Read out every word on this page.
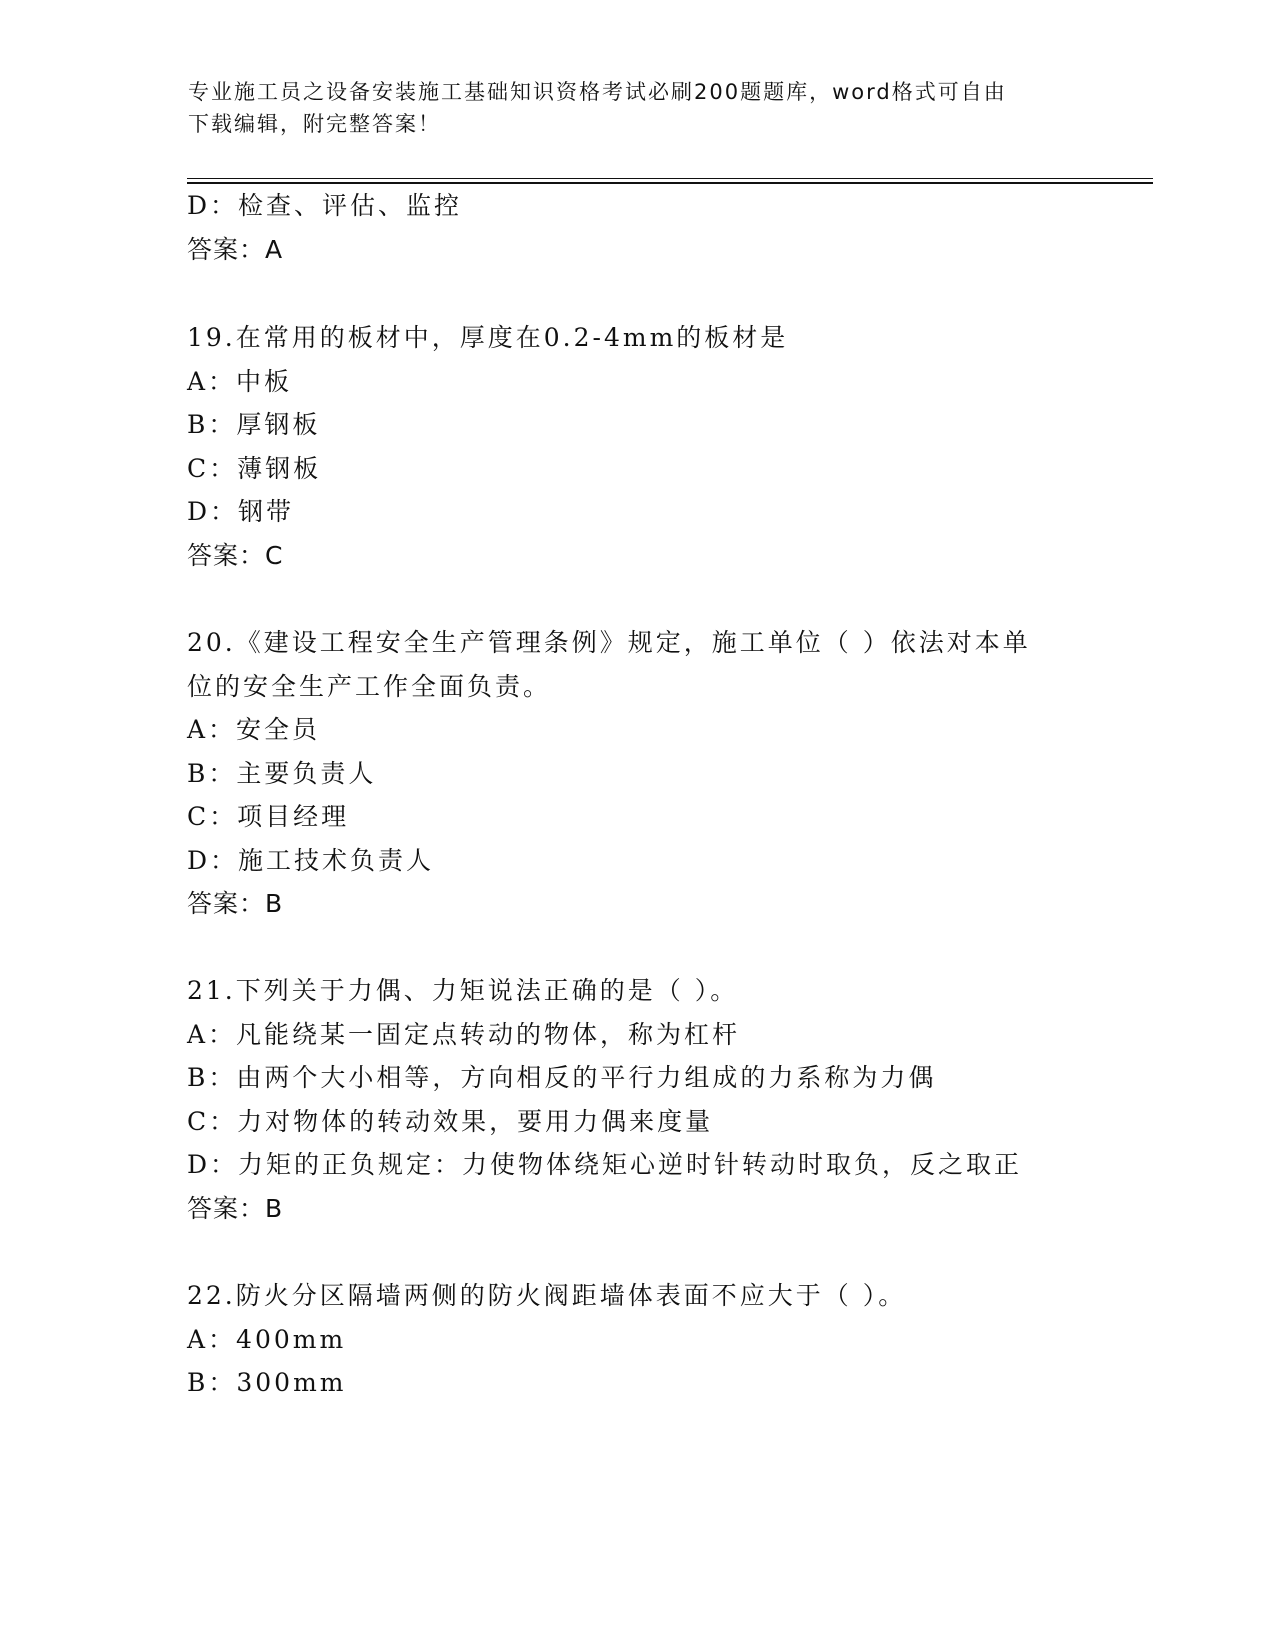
专业施工员之设备安装施工基础知识资格考试必刷200题题库，word格式可自由
下载编辑，附完整答案！
D：检查、评估、监控
答案：A
19.在常用的板材中，厚度在0.2-4mm的板材是
A：中板
B：厚钢板
C：薄钢板
D：钢带
答案：C
20.《建设工程安全生产管理条例》规定，施工单位（ ）依法对本单
位的安全生产工作全面负责。
A：安全员
B：主要负责人
C：项目经理
D：施工技术负责人
答案：B
21.下列关于力偶、力矩说法正确的是（ ）。
A：凡能绕某一固定点转动的物体，称为杠杆
B：由两个大小相等，方向相反的平行力组成的力系称为力偶
C：力对物体的转动效果，要用力偶来度量
D：力矩的正负规定：力使物体绕矩心逆时针转动时取负，反之取正
答案：B
22.防火分区隔墙两侧的防火阀距墙体表面不应大于（ ）。
A：400mm
B：300mm
